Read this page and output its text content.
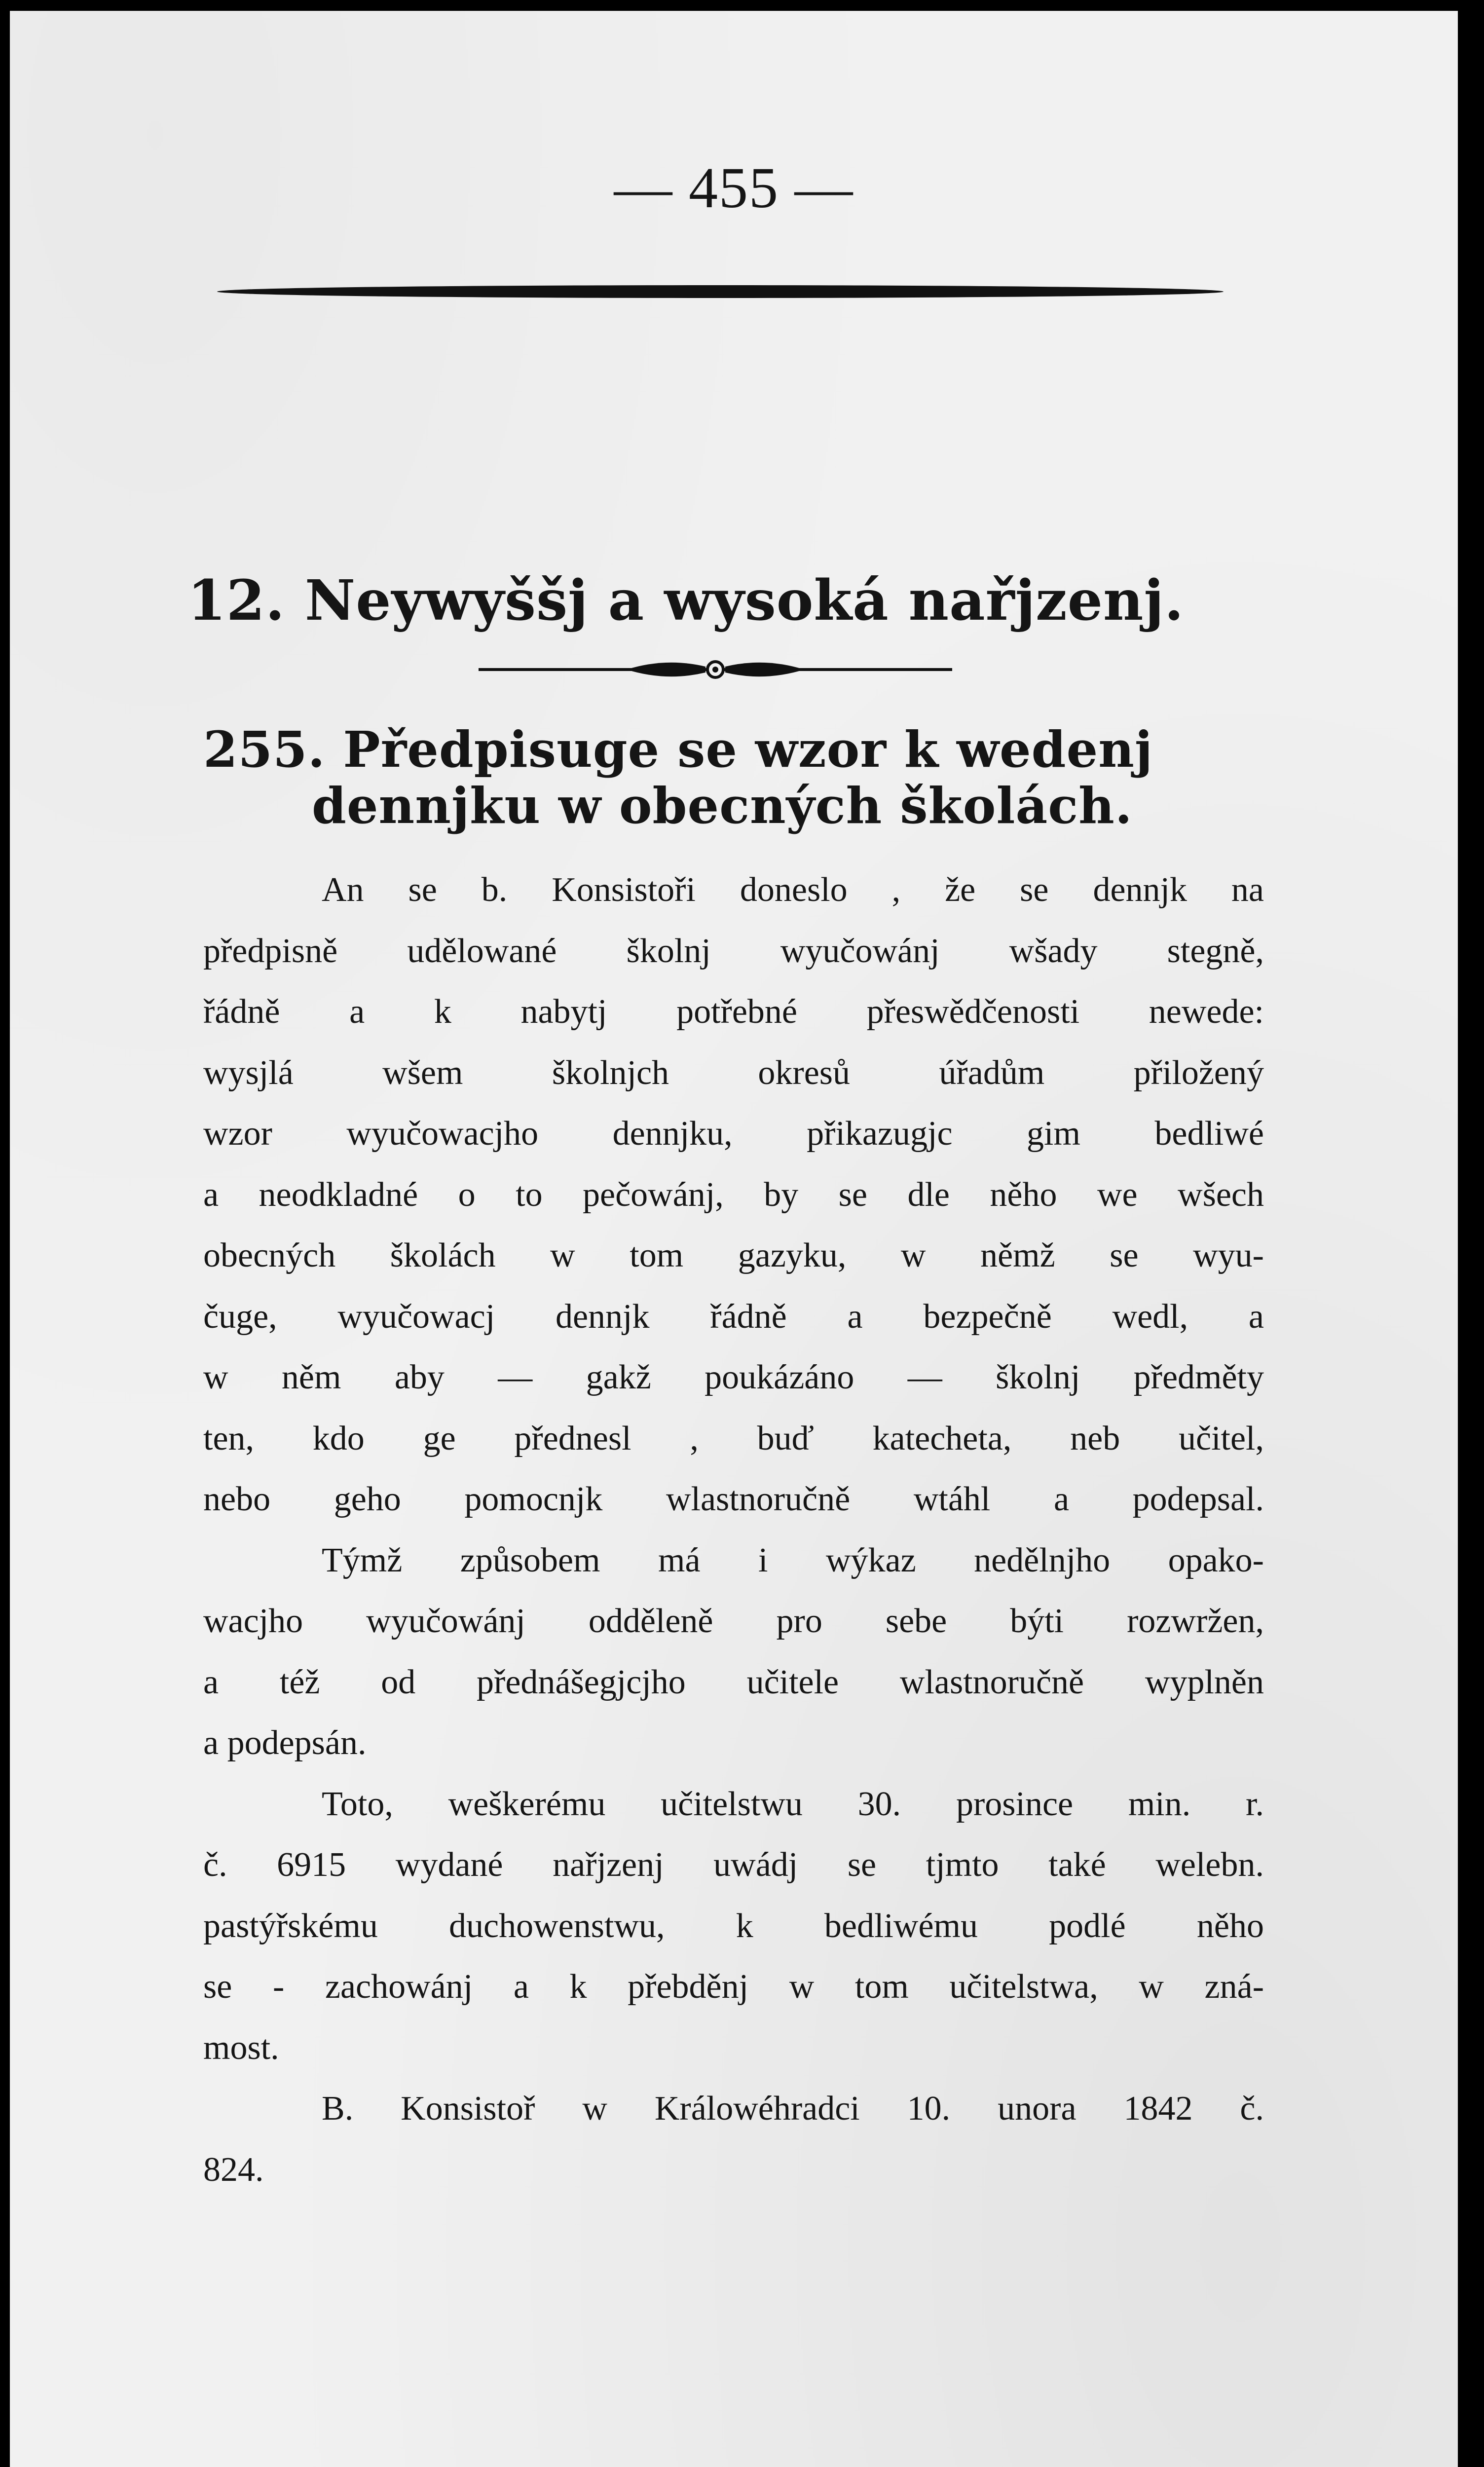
— 455 —
12. Neywyššj a wysoká nařjzenj.
255. Předpisuge se wzor k wedenj
dennjku w obecných školách.
An se b. Konsistoři doneslo , že se dennjk na
předpisně udělowané školnj wyučowánj wšady stegně,
řádně a k nabytj potřebné přeswědčenosti newede:
wysjlá wšem školnjch okresů úřadům přiložený
wzor wyučowacjho dennjku, přikazugjc gim bedliwé
a neodkladné o to pečowánj, by se dle něho we wšech
obecných školách w tom gazyku, w němž se wyu-
čuge, wyučowacj dennjk řádně a bezpečně wedl, a
w něm aby — gakž poukázáno — školnj předměty
ten, kdo ge přednesl , buď katecheta, neb učitel,
nebo geho pomocnjk wlastnoručně wtáhl a podepsal.
Týmž způsobem má i wýkaz nedělnjho opako-
wacjho wyučowánj odděleně pro sebe býti rozwržen,
a též od přednášegjcjho učitele wlastnoručně wyplněn
a podepsán.
Toto, weškerému učitelstwu 30. prosince min. r.
č. 6915 wydané nařjzenj uwádj se tjmto také welebn.
pastýřskému duchowenstwu, k bedliwému podlé něho
se - zachowánj a k přebděnj w tom učitelstwa, w zná-
most.
B. Konsistoř w Králowéhradci 10. unora 1842 č.
824.
